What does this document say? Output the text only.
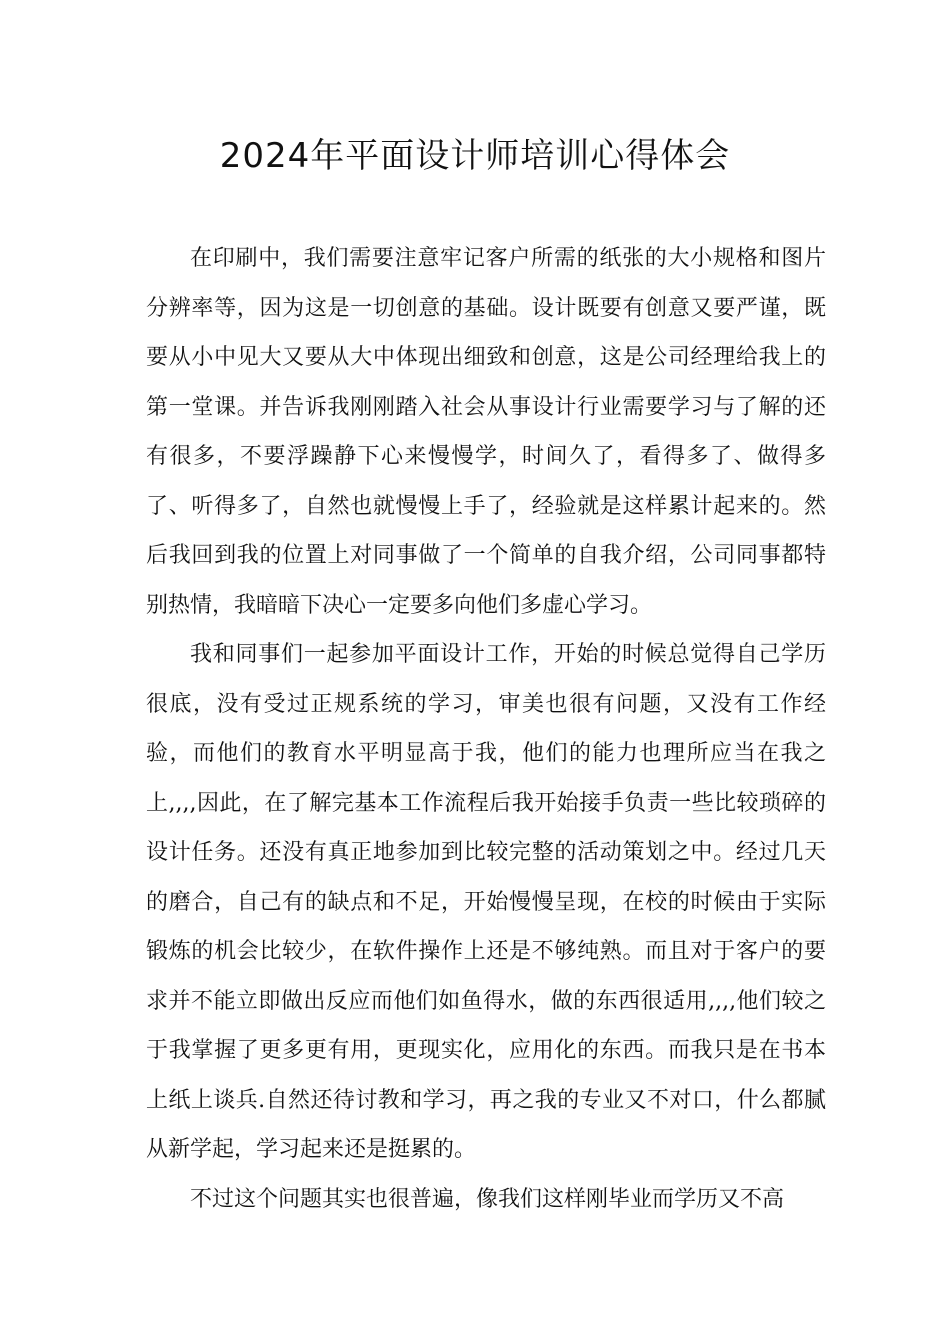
2024年平面设计师培训心得体会

在印刷中，我们需要注意牢记客户所需的纸张的大小规格和图片分辨率等，因为这是一切创意的基础。设计既要有创意又要严谨，既要从小中见大又要从大中体现出细致和创意，这是公司经理给我上的第一堂课。并告诉我刚刚踏入社会从事设计行业需要学习与了解的还有很多，不要浮躁静下心来慢慢学，时间久了，看得多了、做得多了、听得多了，自然也就慢慢上手了，经验就是这样累计起来的。然后我回到我的位置上对同事做了一个简单的自我介绍，公司同事都特别热情，我暗暗下决心一定要多向他们多虚心学习。

我和同事们一起参加平面设计工作，开始的时候总觉得自己学历很底，没有受过正规系统的学习，审美也很有问题，又没有工作经验，而他们的教育水平明显高于我，他们的能力也理所应当在我之上,,,,因此，在了解完基本工作流程后我开始接手负责一些比较琐碎的设计任务。还没有真正地参加到比较完整的活动策划之中。经过几天的磨合，自己有的缺点和不足，开始慢慢呈现，在校的时候由于实际锻炼的机会比较少，在软件操作上还是不够纯熟。而且对于客户的要求并不能立即做出反应而他们如鱼得水，做的东西很适用,,,,他们较之于我掌握了更多更有用，更现实化，应用化的东西。而我只是在书本上纸上谈兵.自然还待讨教和学习，再之我的专业又不对口，什么都腻从新学起，学习起来还是挺累的。

不过这个问题其实也很普遍，像我们这样刚毕业而学历又不高
